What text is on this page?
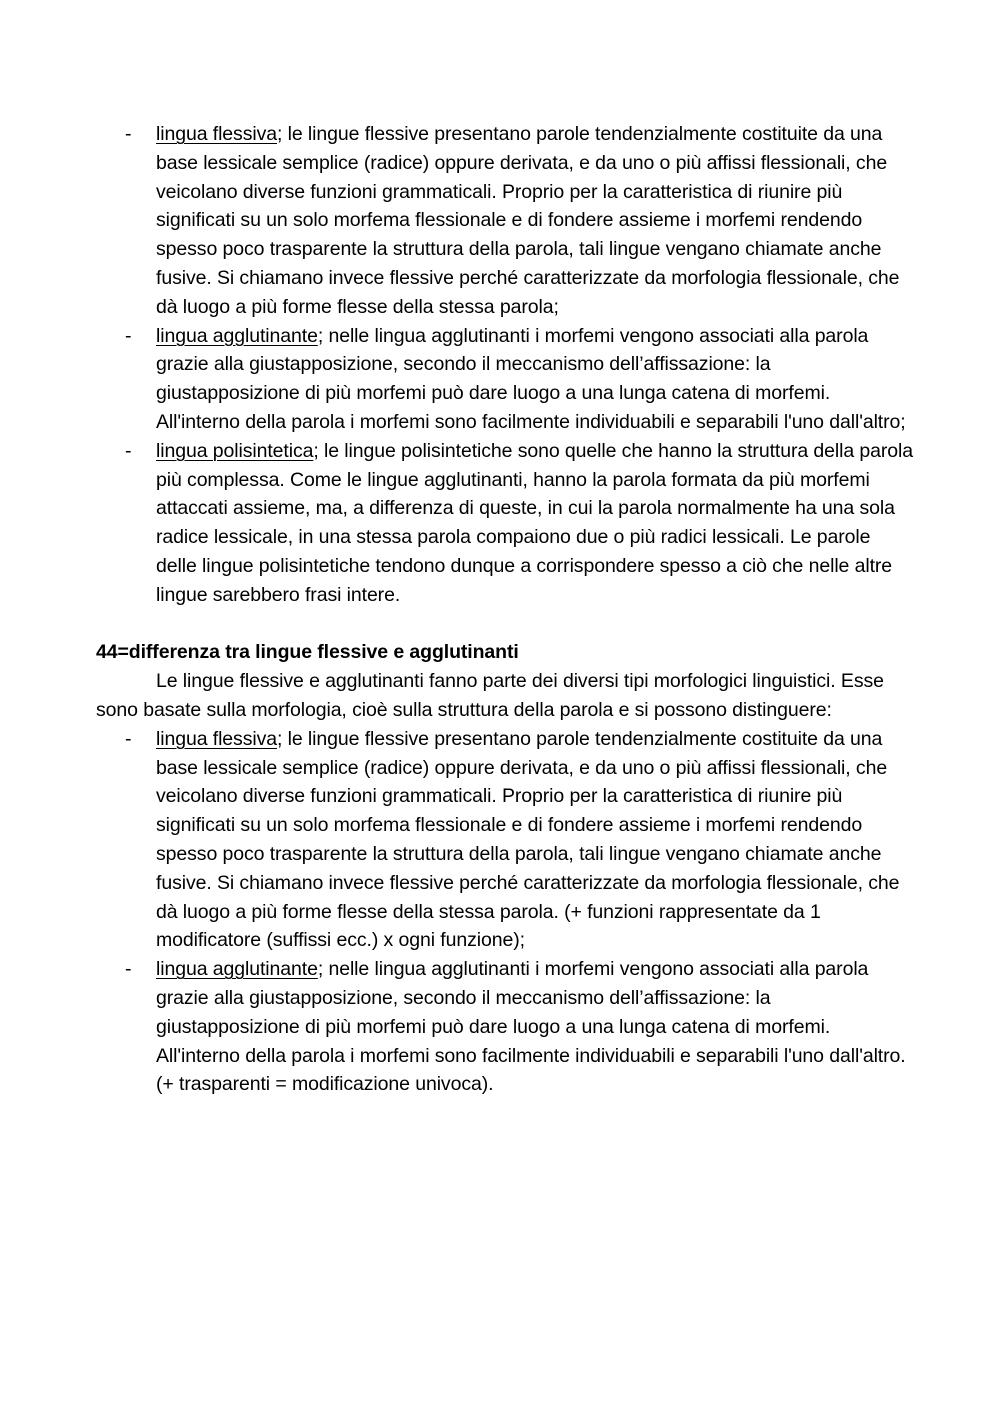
- lingua flessiva; le lingue flessive presentano parole tendenzialmente costituite da una base lessicale semplice (radice) oppure derivata, e da uno o più affissi flessionali, che veicolano diverse funzioni grammaticali. Proprio per la caratteristica di riunire più significati su un solo morfema flessionale e di fondere assieme i morfemi rendendo spesso poco trasparente la struttura della parola, tali lingue vengano chiamate anche fusive. Si chiamano invece flessive perché caratterizzate da morfologia flessionale, che dà luogo a più forme flesse della stessa parola;
- lingua agglutinante; nelle lingua agglutinanti i morfemi vengono associati alla parola grazie alla giustapposizione, secondo il meccanismo dell’affissazione: la giustapposizione di più morfemi può dare luogo a una lunga catena di morfemi. All'interno della parola i morfemi sono facilmente individuabili e separabili l'uno dall'altro;
- lingua polisintetica; le lingue polisintetiche sono quelle che hanno la struttura della parola più complessa. Come le lingue agglutinanti, hanno la parola formata da più morfemi attaccati assieme, ma, a differenza di queste, in cui la parola normalmente ha una sola radice lessicale, in una stessa parola compaiono due o più radici lessicali. Le parole delle lingue polisintetiche tendono dunque a corrispondere spesso a ciò che nelle altre lingue sarebbero frasi intere.
44=differenza tra lingue flessive e agglutinanti

Le lingue flessive e agglutinanti fanno parte dei diversi tipi morfologici linguistici. Esse sono basate sulla morfologia, cioè sulla struttura della parola e si possono distinguere:

- lingua flessiva; le lingue flessive presentano parole tendenzialmente costituite da una base lessicale semplice (radice) oppure derivata, e da uno o più affissi flessionali, che veicolano diverse funzioni grammaticali. Proprio per la caratteristica di riunire più significati su un solo morfema flessionale e di fondere assieme i morfemi rendendo spesso poco trasparente la struttura della parola, tali lingue vengano chiamate anche fusive. Si chiamano invece flessive perché caratterizzate da morfologia flessionale, che dà luogo a più forme flesse della stessa parola. (+ funzioni rappresentate da 1 modificatore (suffissi ecc.) x ogni funzione);
- lingua agglutinante; nelle lingua agglutinanti i morfemi vengono associati alla parola grazie alla giustapposizione, secondo il meccanismo dell’affissazione: la giustapposizione di più morfemi può dare luogo a una lunga catena di morfemi. All'interno della parola i morfemi sono facilmente individuabili e separabili l'uno dall'altro. (+ trasparenti = modificazione univoca).
